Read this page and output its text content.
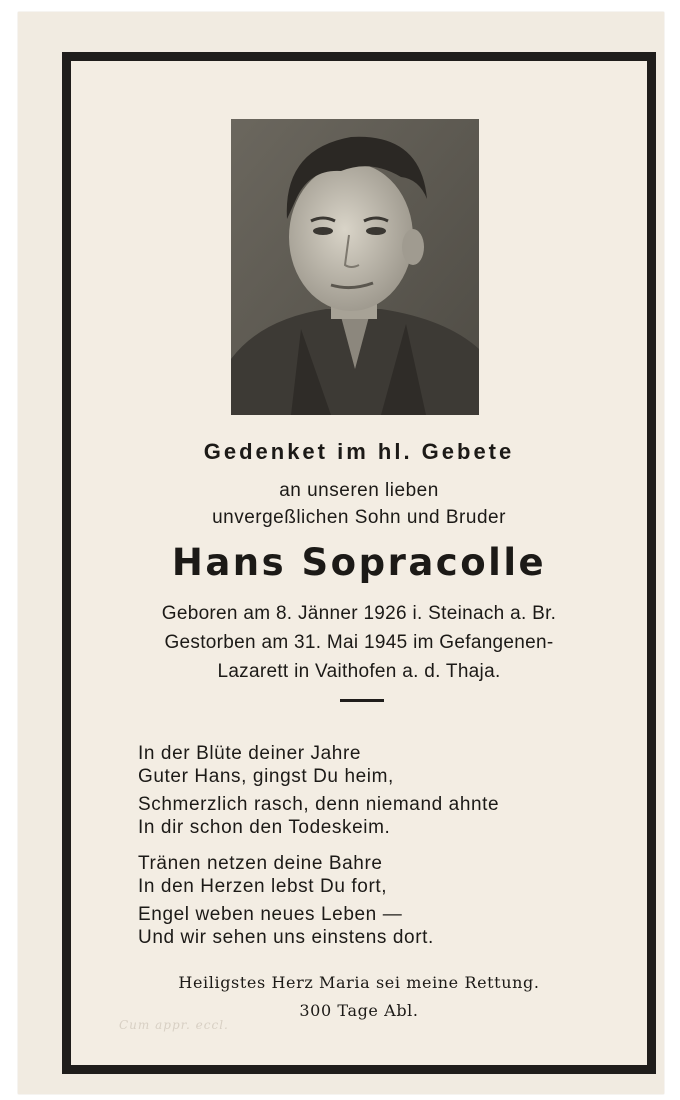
Gedenket im hl. Gebete
an unseren lieben
unvergeßlichen Sohn und Bruder
Hans Sopracolle
Geboren am 8. Jänner 1926 i. Steinach a. Br.
Gestorben am 31. Mai 1945 im Gefangenen-
Lazarett in Vaithofen a. d. Thaja.
In der Blüte deiner Jahre
Guter Hans, gingst Du heim,
Schmerzlich rasch, denn niemand ahnte
In dir schon den Todeskeim.
Tränen netzen deine Bahre
In den Herzen lebst Du fort,
Engel weben neues Leben —
Und wir sehen uns einstens dort.
Heiligstes Herz Maria sei meine Rettung.
300 Tage Abl.
Cum appr. eccl.
